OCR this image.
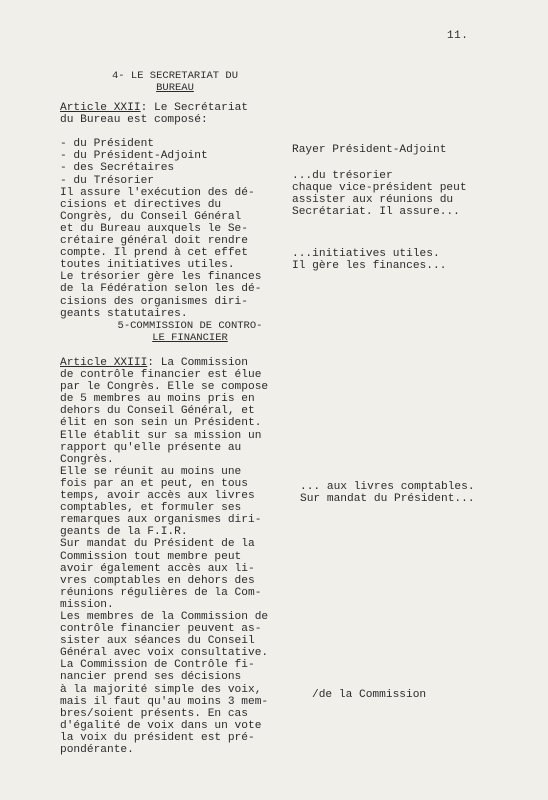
11.
4- LE SECRETARIAT DU
BUREAU
Article XXII: Le Secrétariat
du Bureau est composé:

- du Président
- du Président-Adjoint
- des Secrétaires
- du Trésorier
Il assure l'exécution des dé-
cisions et directives du
Congrès, du Conseil Général
et du Bureau auxquels le Se-
crétaire général doit rendre
compte. Il prend à cet effet
toutes initiatives utiles.
Le trésorier gère les finances
de la Fédération selon les dé-
cisions des organismes diri-
geants statutaires.
5-COMMISSION DE CONTRO-
LE FINANCIER
Article XXIII: La Commission
de contrôle financier est élue
par le Congrès. Elle se compose
de 5 membres au moins pris en
dehors du Conseil Général, et
élit en son sein un Président.
Elle établit sur sa mission un
rapport qu'elle présente au
Congrès.
Elle se réunit au moins une
fois par an et peut, en tous
temps, avoir accès aux livres
comptables, et formuler ses
remarques aux organismes diri-
geants de la F.I.R.
Sur mandat du Président de la
Commission tout membre peut
avoir également accès aux li-
vres comptables en dehors des
réunions régulières de la Com-
mission.
Les membres de la Commission de
contrôle financier peuvent as-
sister aux séances du Conseil
Général avec voix consultative.
La Commission de Contrôle fi-
nancier prend ses décisions
à la majorité simple des voix,
mais il faut qu'au moins 3 mem-
bres/soient présents. En cas
d'égalité de voix dans un vote
la voix du président est pré-
pondérante.
Rayer Président-Adjoint
...du trésorier
chaque vice-président peut
assister aux réunions du
Secrétariat. Il assure...
...initiatives utiles.
Il gère les finances...
... aux livres comptables.
Sur mandat du Président...
/de la Commission
